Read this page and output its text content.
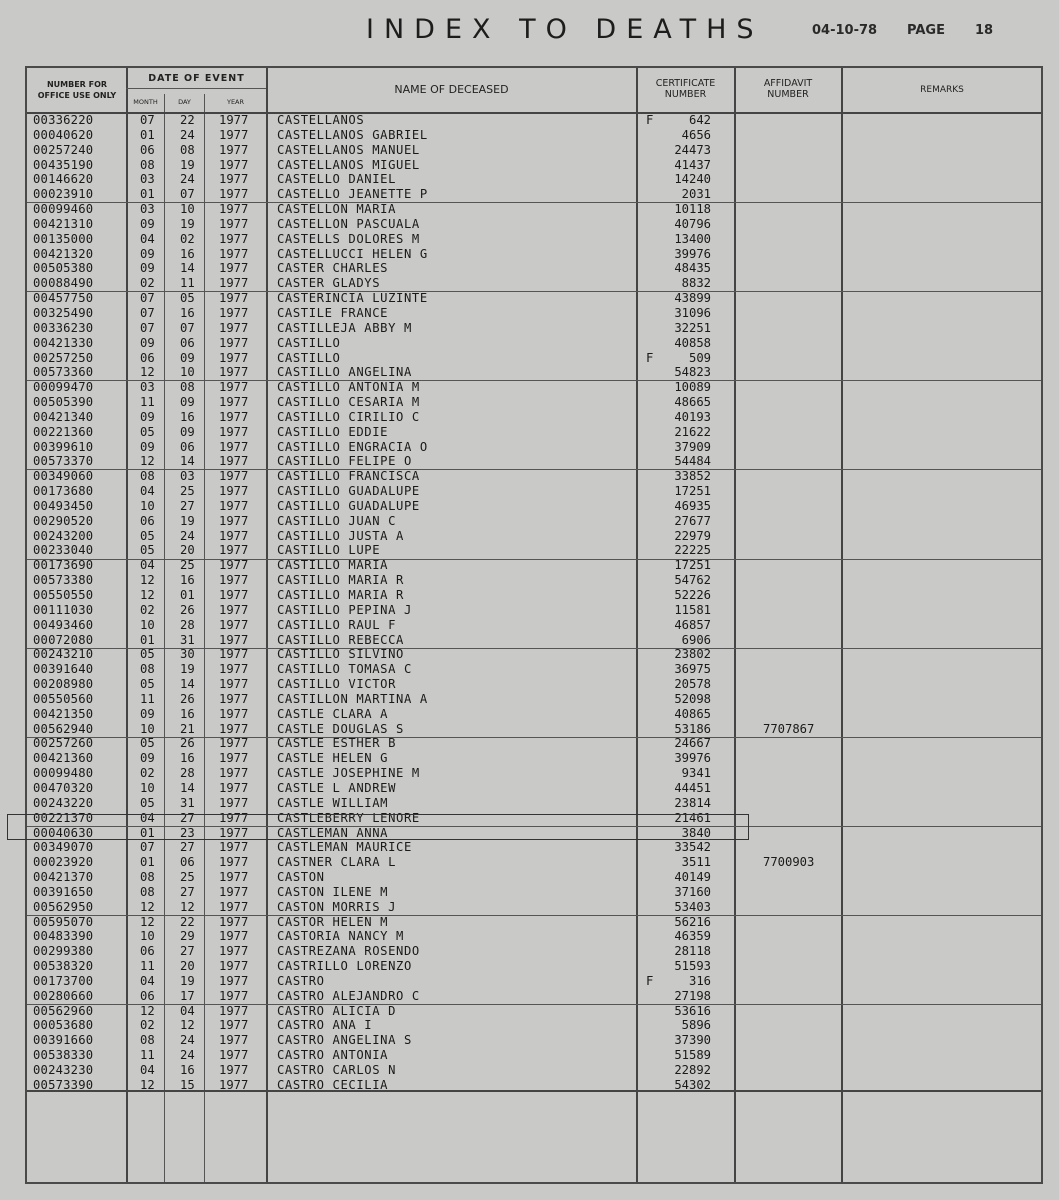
INDEX TO DEATHS	04-10-78 PAGE 18
NUMBER FOR
OFFICE USE ONLY
DATE OF EVENT
MONTH	DAY	YEAR
NAME OF DECEASED	CERTIFICATE
NUMBER
AFFIDAVIT
NUMBER	REMARKS
00336220	07 22 1977 CASTELLANOS	F	642
00040620	01 24 1977 CASTELLANOS GABRIEL	4656
00257240	06 08 1977 CASTELLANOS MANUEL	24473
00435190	08 19 1977 CASTELLANOS MIGUEL	41437
00146620	03 24 1977 CASTELLO DANIEL	14240
00023910	01 07 1977 CASTELLO JEANETTE P	2031
00099460	03 10 1977 CASTELLON MARIA	10118
00421310	09 19 1977 CASTELLON PASCUALA	40796
00135000	04 02 1977 CASTELLS DOLORES M	13400
00421320	09 16 1977 CASTELLUCCI HELEN G	39976
00505380	09 14 1977 CASTER CHARLES	48435
00088490	02 11 1977 CASTER GLADYS	8832
00457750	07 05 1977 CASTERINCIA LUZINTE	43899
00325490	07 16 1977 CASTILE FRANCE	31096
00336230	07 07 1977 CASTILLEJA ABBY M	32251
00421330	09 06 1977 CASTILLO	40858
00257250	06 09 1977 CASTILLO	F	509
00573360	12 10 1977 CASTILLO ANGELINA	54823
00099470	03 08 1977 CASTILLO ANTONIA M	10089
00505390	11 09 1977 CASTILLO CESARIA M	48665
00421340	09 16 1977 CASTILLO CIRILIO C	40193
00221360	05 09 1977 CASTILLO EDDIE	21622
00399610	09 06 1977 CASTILLO ENGRACIA O	37909
00573370	12 14 1977 CASTILLO FELIPE O	54484
00349060	08 03 1977 CASTILLO FRANCISCA	33852
00173680	04 25 1977 CASTILLO GUADALUPE	17251
00493450	10 27 1977 CASTILLO GUADALUPE	46935
00290520	06 19 1977 CASTILLO JUAN C	27677
00243200	05 24 1977 CASTILLO JUSTA A	22979
00233040	05 20 1977 CASTILLO LUPE	22225
00173690	04 25 1977 CASTILLO MARIA	17251
00573380	12 16 1977 CASTILLO MARIA R	54762
00550550	12 01 1977 CASTILLO MARIA R	52226
00111030	02 26 1977 CASTILLO PEPINA J	11581
00493460	10 28 1977 CASTILLO RAUL F	46857
00072080	01 31 1977 CASTILLO REBECCA	6906
00243210	05 30 1977 CASTILLO SILVINO	23802
00391640	08 19 1977 CASTILLO TOMASA C	36975
00208980	05 14 1977 CASTILLO VICTOR	20578
00550560	11 26 1977 CASTILLON MARTINA A	52098
00421350	09 16 1977 CASTLE CLARA A	40865
00562940	10 21 1977 CASTLE DOUGLAS S	53186	7707867
00257260	05 26 1977 CASTLE ESTHER B	24667
00421360	09 16 1977 CASTLE HELEN G	39976
00099480	02 28 1977 CASTLE JOSEPHINE M	9341
00470320	10 14 1977 CASTLE L ANDREW	44451
00243220	05 31 1977 CASTLE WILLIAM	23814
00221370	04 27 1977 CASTLEBERRY LENORE	21461
00040630	01 23 1977 CASTLEMAN ANNA	3840
00349070	07 27 1977 CASTLEMAN MAURICE	33542
00023920	01 06 1977 CASTNER CLARA L	3511	7700903
00421370	08 25 1977 CASTON	40149
00391650	08 27 1977 CASTON ILENE M	37160
00562950	12 12 1977 CASTON MORRIS J	53403
00595070	12 22 1977 CASTOR HELEN M	56216
00483390	10 29 1977 CASTORIA NANCY M	46359
00299380	06 27 1977 CASTREZANA ROSENDO	28118
00538320	11 20 1977 CASTRILLO LORENZO	51593
00173700	04 19 1977 CASTRO	F	316
00280660	06 17 1977 CASTRO ALEJANDRO C	27198
00562960	12 04 1977 CASTRO ALICIA D	53616
00053680	02 12 1977 CASTRO ANA I	5896
00391660	08 24 1977 CASTRO ANGELINA S	37390
00538330	11 24 1977 CASTRO ANTONIA	51589
00243230	04 16 1977 CASTRO CARLOS N	22892
00573390	12 15 1977 CASTRO CECILIA	54302
